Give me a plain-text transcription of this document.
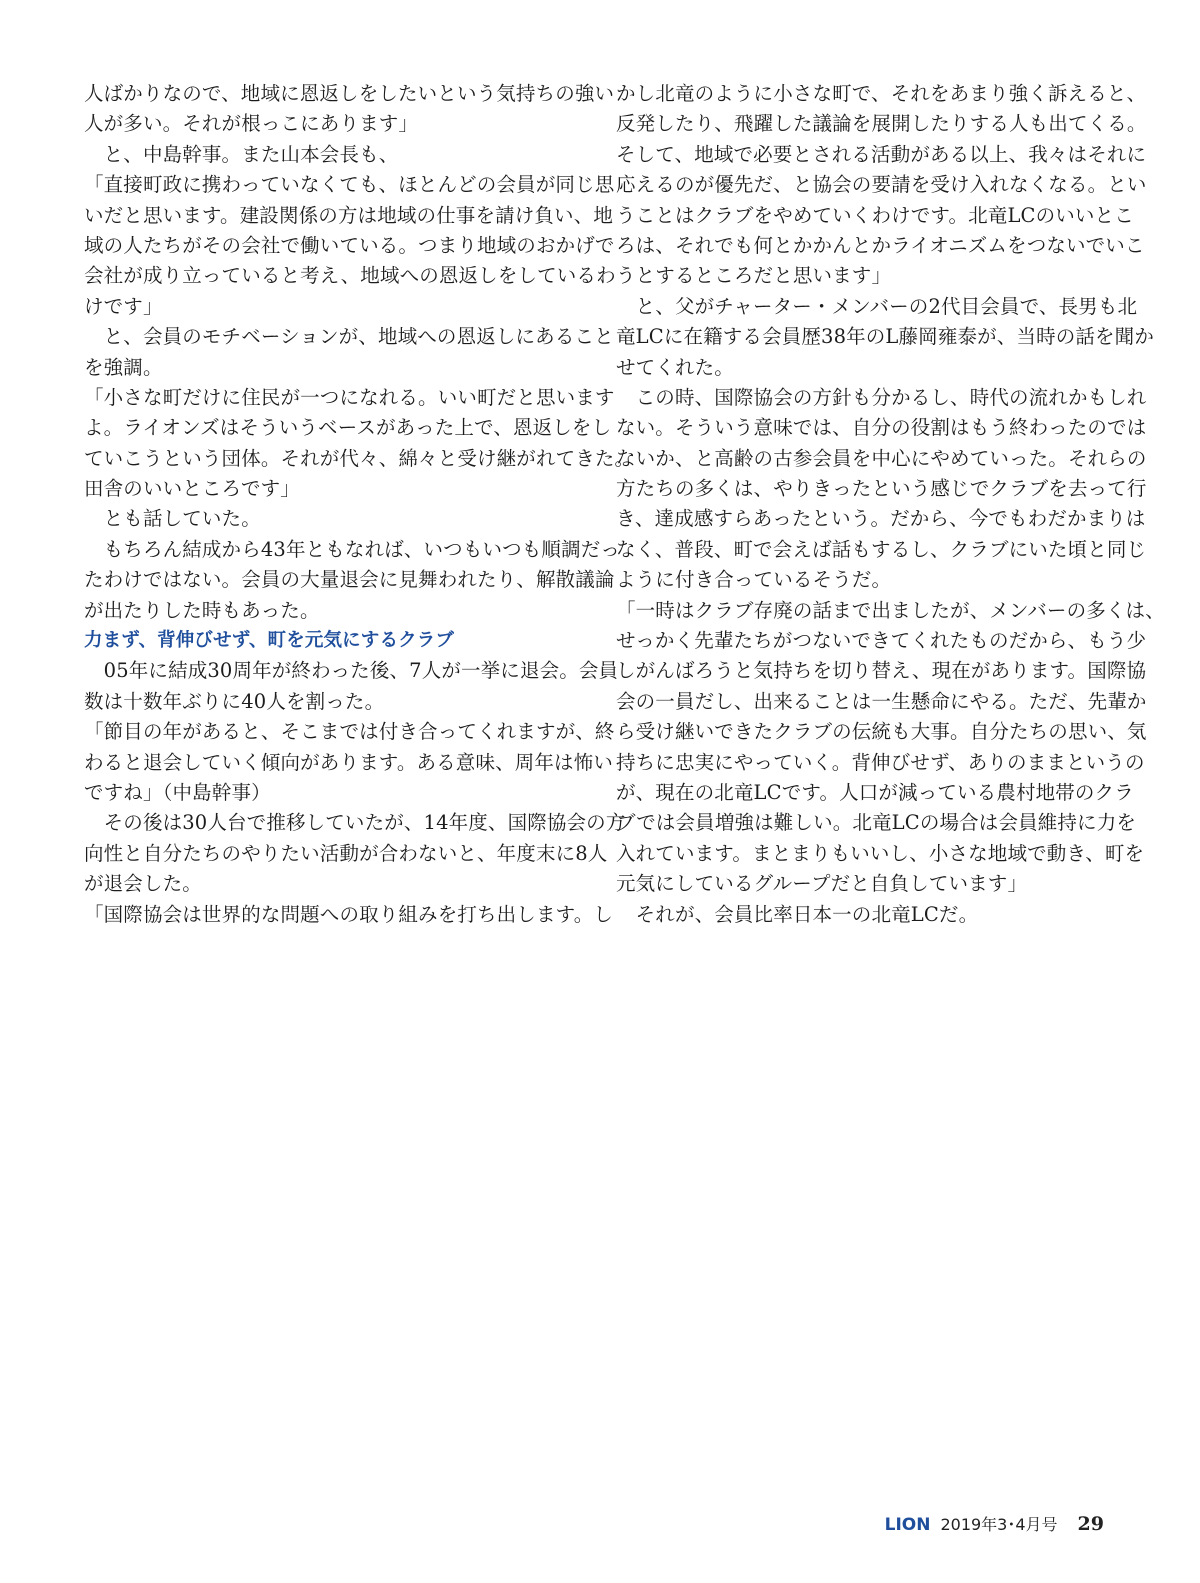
人ばかりなので、地域に恩返しをしたいという気持ちの強い
人が多い。それが根っこにあります」
　と、中島幹事。また山本会長も、
「直接町政に携わっていなくても、ほとんどの会員が同じ思
いだと思います。建設関係の方は地域の仕事を請け負い、地
域の人たちがその会社で働いている。つまり地域のおかげで
会社が成り立っていると考え、地域への恩返しをしているわ
けです」
　と、会員のモチベーションが、地域への恩返しにあること
を強調。
「小さな町だけに住民が一つになれる。いい町だと思います
よ。ライオンズはそういうベースがあった上で、恩返しをし
ていこうという団体。それが代々、綿々と受け継がれてきた。
田舎のいいところです」
　とも話していた。
　もちろん結成から43年ともなれば、いつもいつも順調だっ
たわけではない。会員の大量退会に見舞われたり、解散議論
が出たりした時もあった。
力まず、背伸びせず、町を元気にするクラブ
　05年に結成30周年が終わった後、7人が一挙に退会。会員
数は十数年ぶりに40人を割った。
「節目の年があると、そこまでは付き合ってくれますが、終
わると退会していく傾向があります。ある意味、周年は怖い
ですね」（中島幹事）
　その後は30人台で推移していたが、14年度、国際協会の方
向性と自分たちのやりたい活動が合わないと、年度末に8人
が退会した。
「国際協会は世界的な問題への取り組みを打ち出します。し
かし北竜のように小さな町で、それをあまり強く訴えると、
反発したり、飛躍した議論を展開したりする人も出てくる。
そして、地域で必要とされる活動がある以上、我々はそれに
応えるのが優先だ、と協会の要請を受け入れなくなる。とい
うことはクラブをやめていくわけです。北竜LCのいいとこ
ろは、それでも何とかかんとかライオニズムをつないでいこ
うとするところだと思います」
　と、父がチャーター・メンバーの2代目会員で、長男も北
竜LCに在籍する会員歴38年のL藤岡雍泰が、当時の話を聞か
せてくれた。
　この時、国際協会の方針も分かるし、時代の流れかもしれ
ない。そういう意味では、自分の役割はもう終わったのでは
ないか、と高齢の古参会員を中心にやめていった。それらの
方たちの多くは、やりきったという感じでクラブを去って行
き、達成感すらあったという。だから、今でもわだかまりは
なく、普段、町で会えば話もするし、クラブにいた頃と同じ
ように付き合っているそうだ。
「一時はクラブ存廃の話まで出ましたが、メンバーの多くは、
せっかく先輩たちがつないできてくれたものだから、もう少
しがんばろうと気持ちを切り替え、現在があります。国際協
会の一員だし、出来ることは一生懸命にやる。ただ、先輩か
ら受け継いできたクラブの伝統も大事。自分たちの思い、気
持ちに忠実にやっていく。背伸びせず、ありのままというの
が、現在の北竜LCです。人口が減っている農村地帯のクラ
ブでは会員増強は難しい。北竜LCの場合は会員維持に力を
入れています。まとまりもいいし、小さな地域で動き、町を
元気にしているグループだと自負しています」
　それが、会員比率日本一の北竜LCだ。
LION 2019年3･4月号 29
